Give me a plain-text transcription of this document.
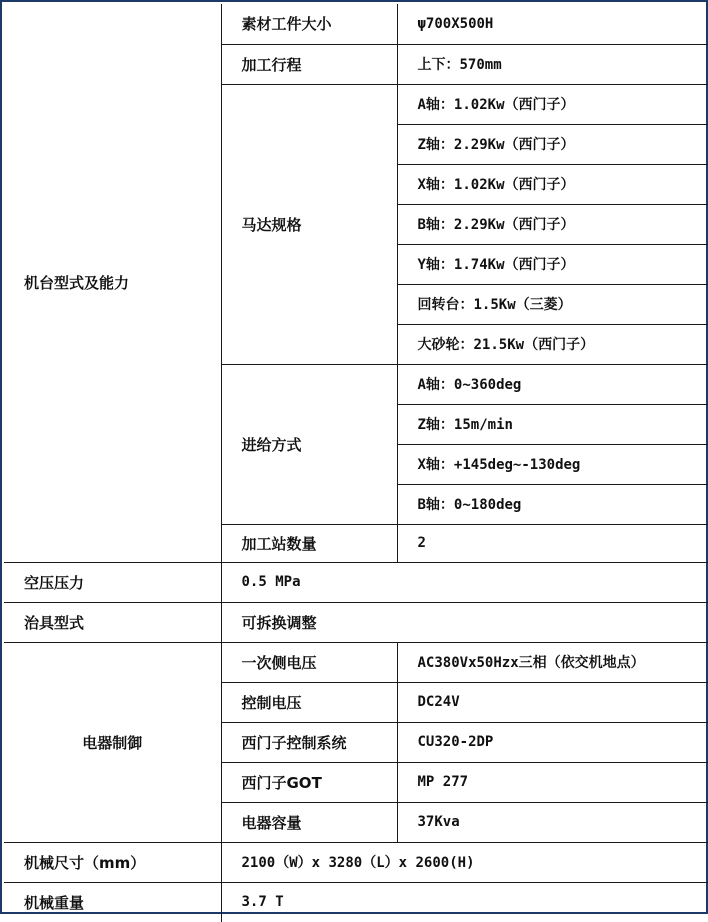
机台型式及能力	素材工件大小	ψ700X500H
	加工行程	上下：570mm
	马达规格	A轴：1.02Kw（西门子）
		Z轴：2.29Kw（西门子）
		X轴：1.02Kw（西门子）
		B轴：2.29Kw（西门子）
		Y轴：1.74Kw（西门子）
		回转台：1.5Kw（三菱）
		大砂轮：21.5Kw（西门子）
	进给方式	A轴：0~360deg
		Z轴：15m/min
		X轴：+145deg~-130deg
		B轴：0~180deg
	加工站数量	2
空压压力	0.5 MPa	
治具型式	可拆换调整	
电器制御	一次侧电压	AC380Vx50Hzx三相（依交机地点）
	控制电压	DC24V
	西门子控制系统	CU320-2DP
	西门子GOT	MP 277
	电器容量	37Kva
机械尺寸（mm）	2100（W）x 3280（L）x 2600(H)	
机械重量	3.7 T	
